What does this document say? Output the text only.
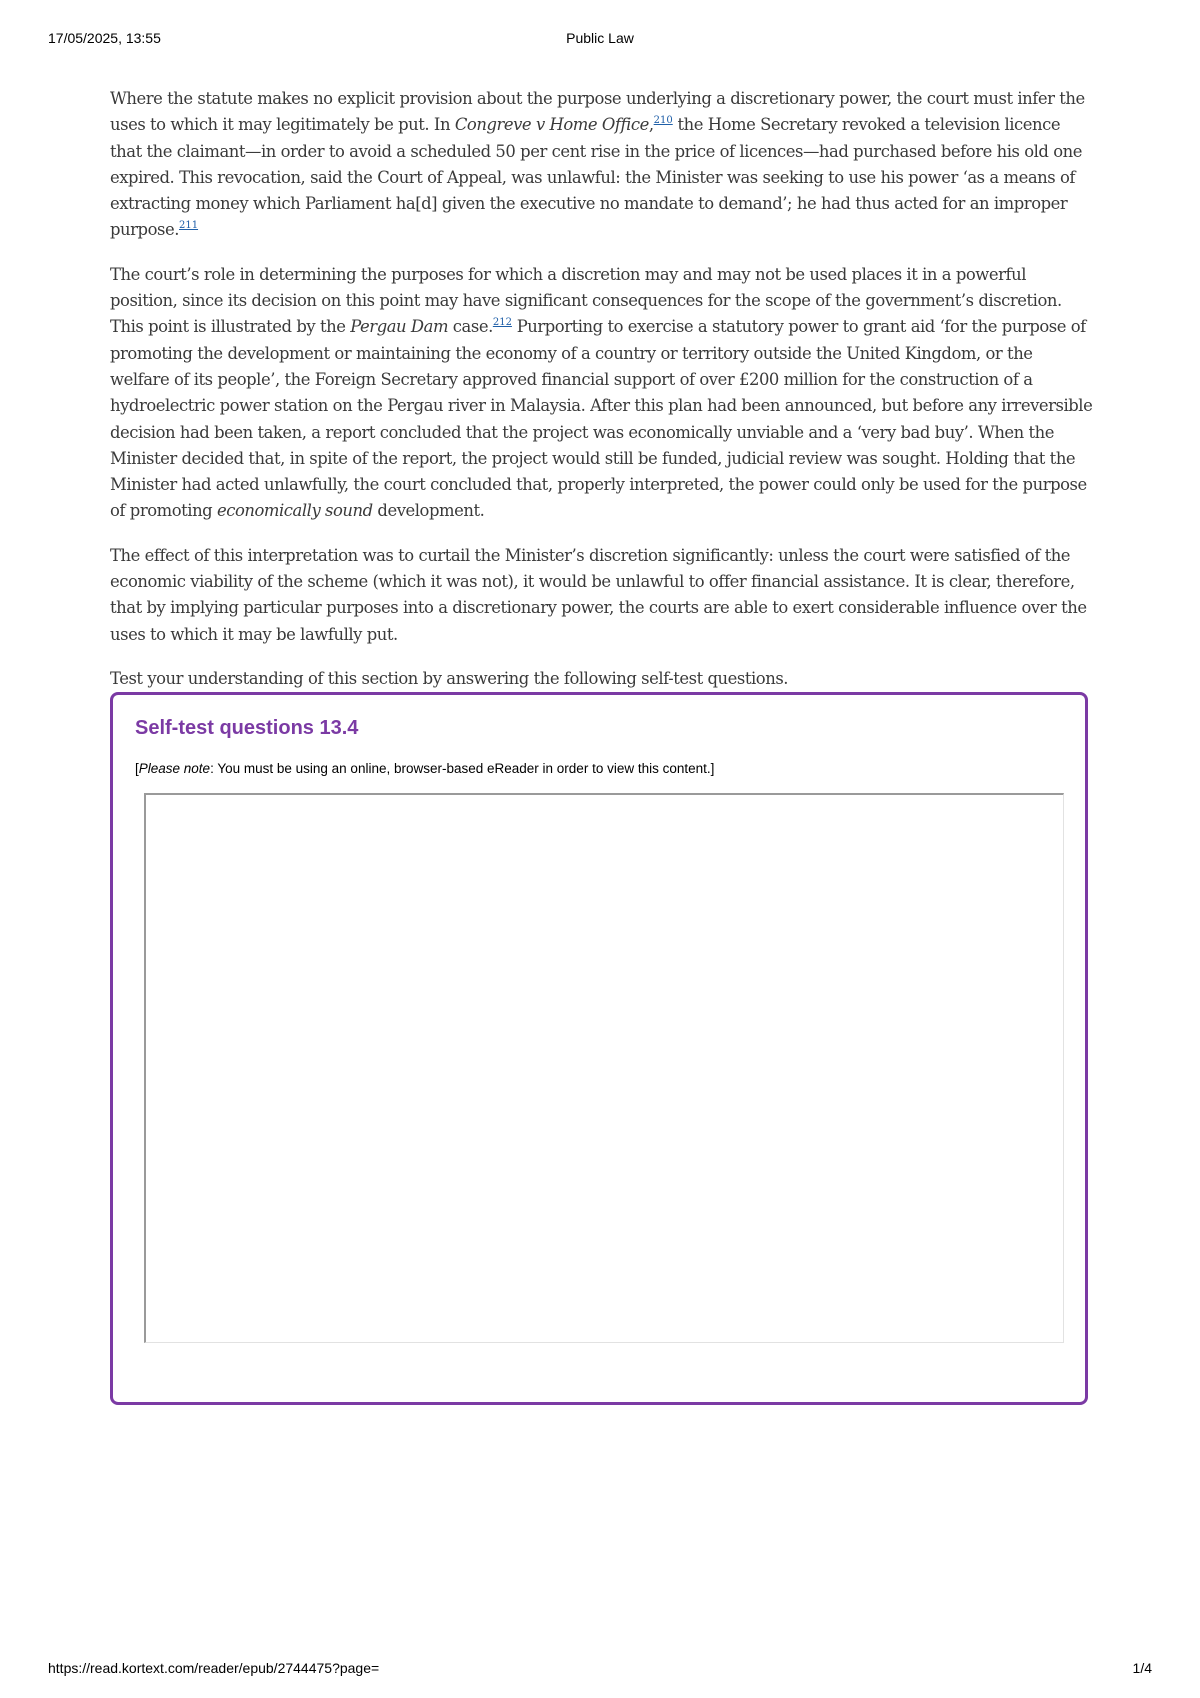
17/05/2025, 13:55	Public Law

Where the statute makes no explicit provision about the purpose underlying a discretionary power, the court must infer the uses to which it may legitimately be put. In Congreve v Home Office,$^{210}$ the Home Secretary revoked a television licence that the claimant—in order to avoid a scheduled 50 per cent rise in the price of licences—had purchased before his old one expired. This revocation, said the Court of Appeal, was unlawful: the Minister was seeking to use his power ‘as a means of extracting money which Parliament ha[d] given the executive no mandate to demand’; he had thus acted for an improper purpose.$^{211}$

The court’s role in determining the purposes for which a discretion may and may not be used places it in a powerful position, since its decision on this point may have significant consequences for the scope of the government’s discretion. This point is illustrated by the Pergau Dam case.$^{212}$ Purporting to exercise a statutory power to grant aid ‘for the purpose of promoting the development or maintaining the economy of a country or territory outside the United Kingdom, or the welfare of its people’, the Foreign Secretary approved financial support of over £200 million for the construction of a hydroelectric power station on the Pergau river in Malaysia. After this plan had been announced, but before any irreversible decision had been taken, a report concluded that the project was economically unviable and a ‘very bad buy’. When the Minister decided that, in spite of the report, the project would still be funded, judicial review was sought. Holding that the Minister had acted unlawfully, the court concluded that, properly interpreted, the power could only be used for the purpose of promoting economically sound development.

The effect of this interpretation was to curtail the Minister’s discretion significantly: unless the court were satisfied of the economic viability of the scheme (which it was not), it would be unlawful to offer financial assistance. It is clear, therefore, that by implying particular purposes into a discretionary power, the courts are able to exert considerable influence over the uses to which it may be lawfully put.

Test your understanding of this section by answering the following self-test questions.

Self-test questions 13.4
[Please note: You must be using an online, browser-based eReader in order to view this content.]
https://read.kortext.com/reader/epub/2744475?page=	1/4
